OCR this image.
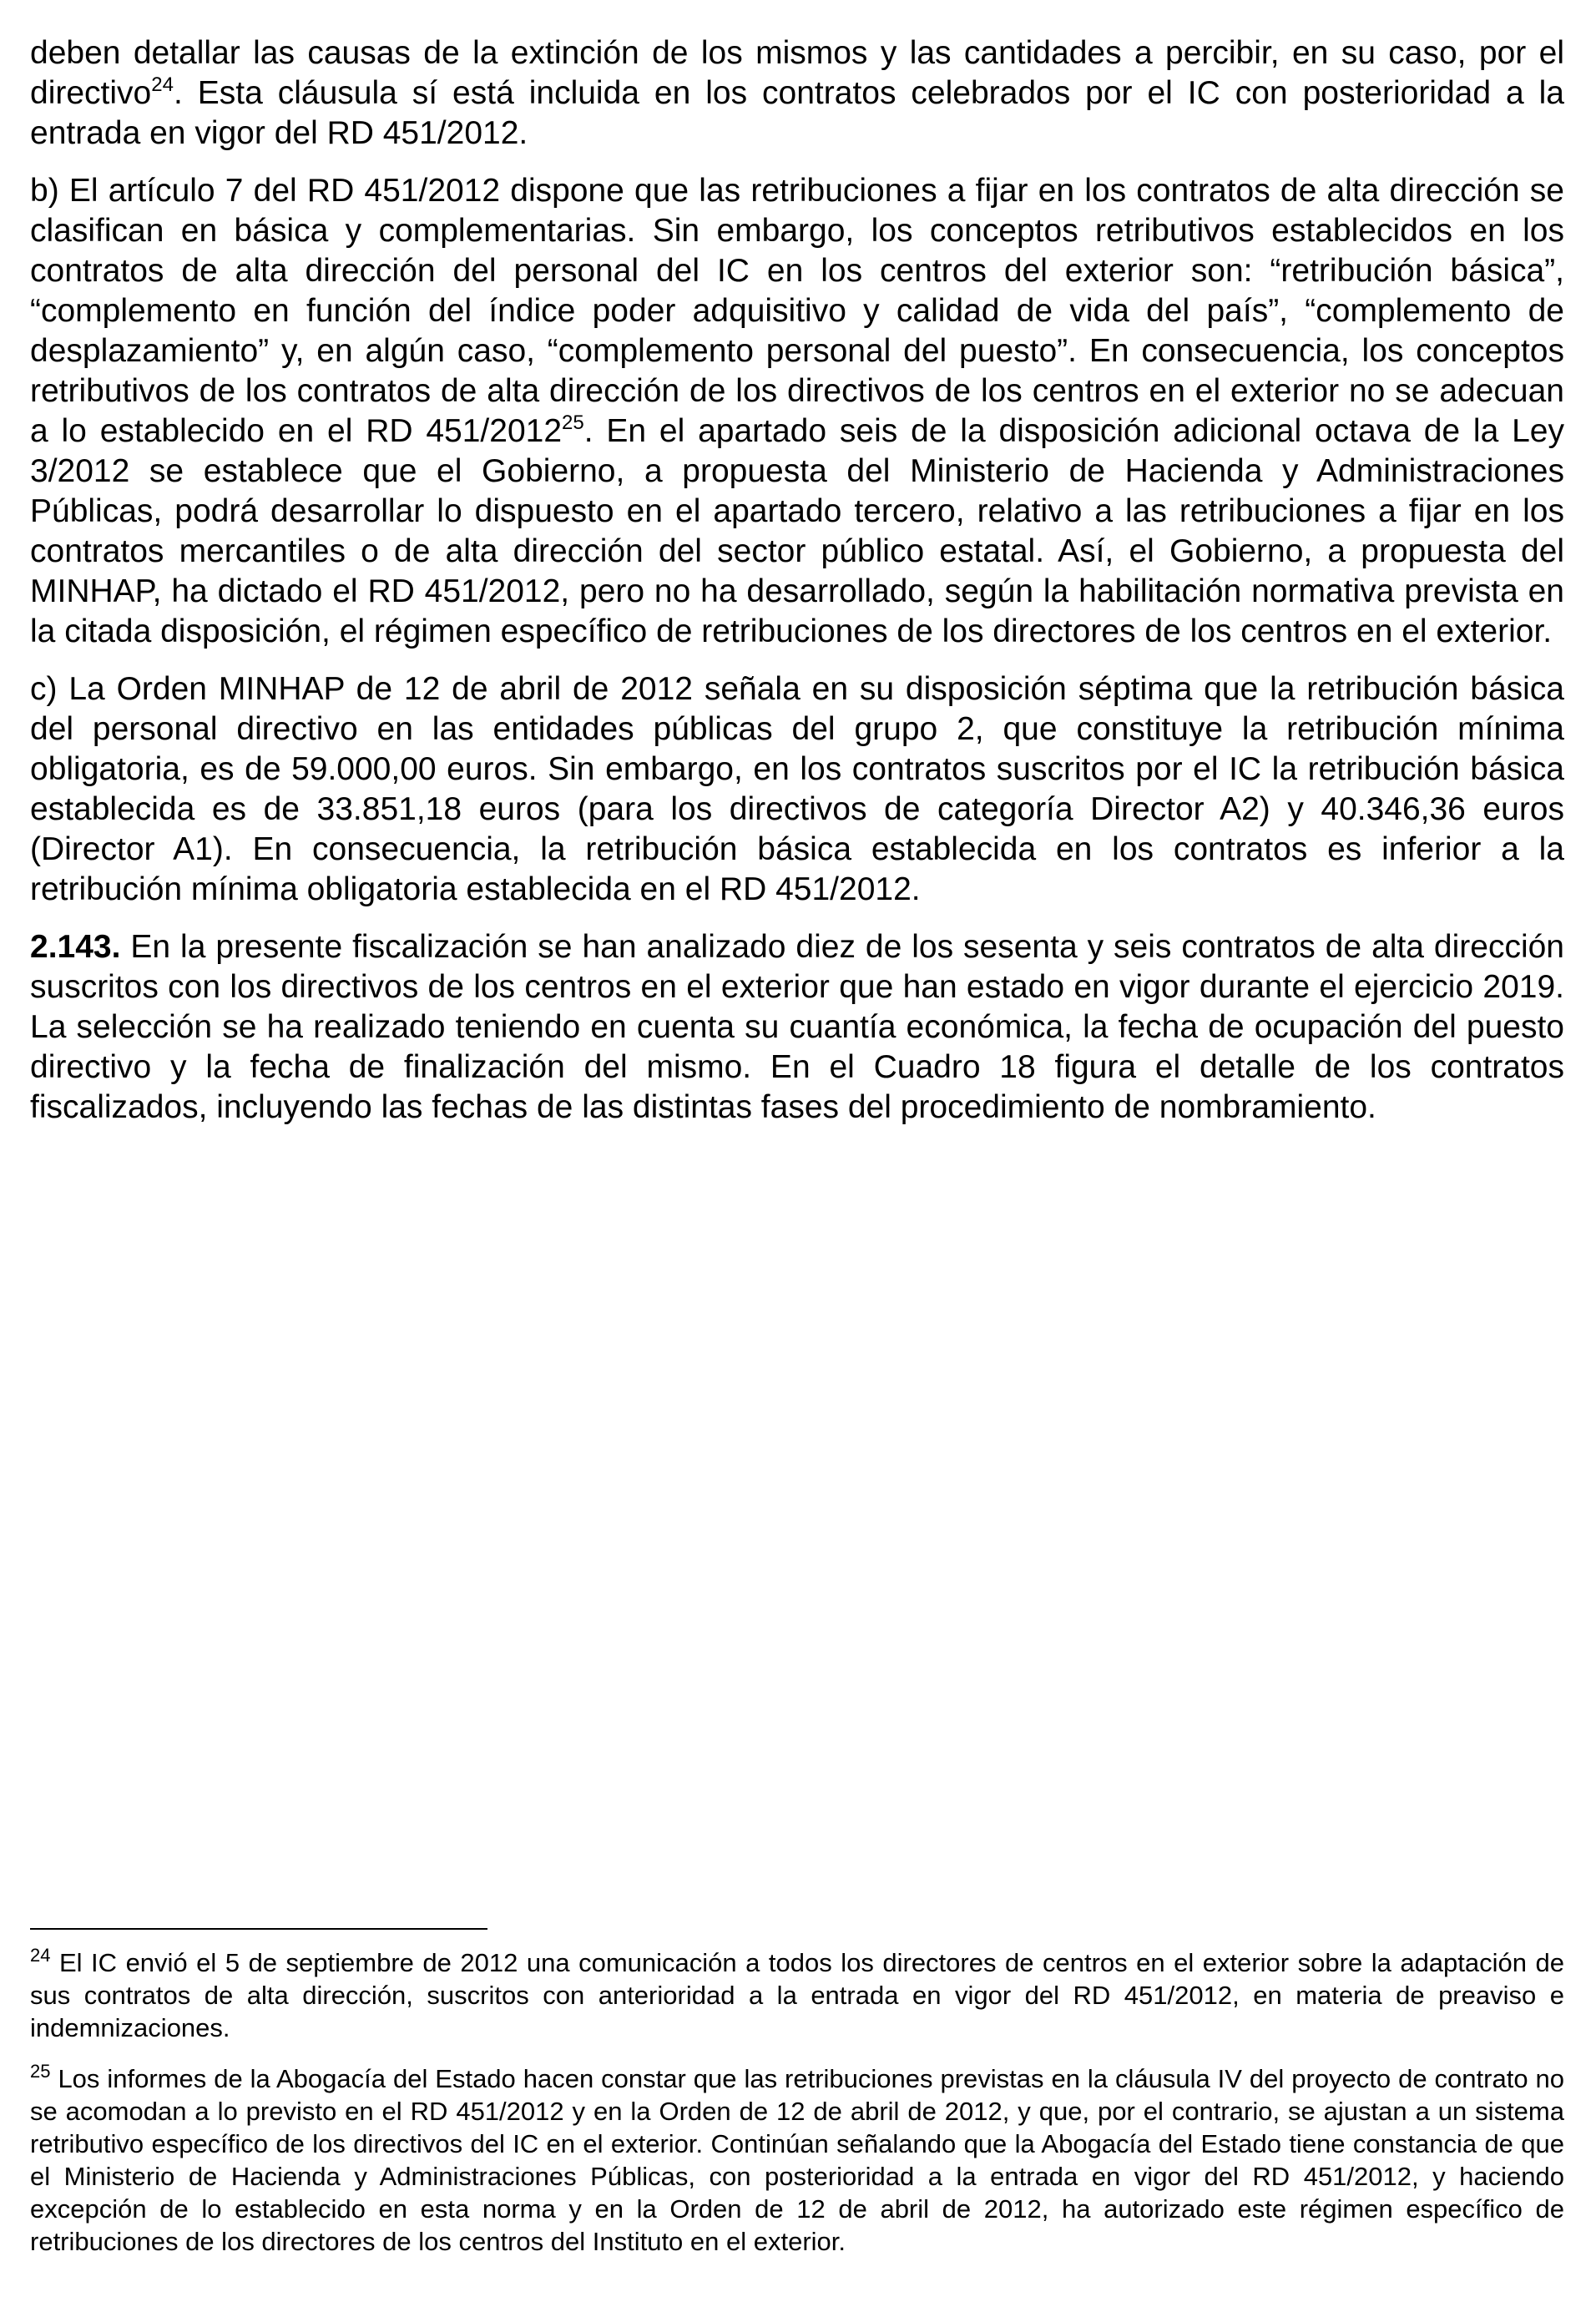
deben detallar las causas de la extinción de los mismos y las cantidades a percibir, en su caso, por el directivo$^{24}$. Esta cláusula sí está incluida en los contratos celebrados por el IC con posterioridad a la entrada en vigor del RD 451/2012.

b) El artículo 7 del RD 451/2012 dispone que las retribuciones a fijar en los contratos de alta dirección se clasifican en básica y complementarias. Sin embargo, los conceptos retributivos establecidos en los contratos de alta dirección del personal del IC en los centros del exterior son: “retribución básica”, “complemento en función del índice poder adquisitivo y calidad de vida del país”, “complemento de desplazamiento” y, en algún caso, “complemento personal del puesto”. En consecuencia, los conceptos retributivos de los contratos de alta dirección de los directivos de los centros en el exterior no se adecuan a lo establecido en el RD 451/2012$^{25}$. En el apartado seis de la disposición adicional octava de la Ley 3/2012 se establece que el Gobierno, a propuesta del Ministerio de Hacienda y Administraciones Públicas, podrá desarrollar lo dispuesto en el apartado tercero, relativo a las retribuciones a fijar en los contratos mercantiles o de alta dirección del sector público estatal. Así, el Gobierno, a propuesta del MINHAP, ha dictado el RD 451/2012, pero no ha desarrollado, según la habilitación normativa prevista en la citada disposición, el régimen específico de retribuciones de los directores de los centros en el exterior.

c) La Orden MINHAP de 12 de abril de 2012 señala en su disposición séptima que la retribución básica del personal directivo en las entidades públicas del grupo 2, que constituye la retribución mínima obligatoria, es de 59.000,00 euros. Sin embargo, en los contratos suscritos por el IC la retribución básica establecida es de 33.851,18 euros (para los directivos de categoría Director A2) y 40.346,36 euros (Director A1). En consecuencia, la retribución básica establecida en los contratos es inferior a la retribución mínima obligatoria establecida en el RD 451/2012.

2.143. En la presente fiscalización se han analizado diez de los sesenta y seis contratos de alta dirección suscritos con los directivos de los centros en el exterior que han estado en vigor durante el ejercicio 2019. La selección se ha realizado teniendo en cuenta su cuantía económica, la fecha de ocupación del puesto directivo y la fecha de finalización del mismo. En el Cuadro 18 figura el detalle de los contratos fiscalizados, incluyendo las fechas de las distintas fases del procedimiento de nombramiento.

$^{24}$ El IC envió el 5 de septiembre de 2012 una comunicación a todos los directores de centros en el exterior sobre la adaptación de sus contratos de alta dirección, suscritos con anterioridad a la entrada en vigor del RD 451/2012, en materia de preaviso e indemnizaciones.

$^{25}$ Los informes de la Abogacía del Estado hacen constar que las retribuciones previstas en la cláusula IV del proyecto de contrato no se acomodan a lo previsto en el RD 451/2012 y en la Orden de 12 de abril de 2012, y que, por el contrario, se ajustan a un sistema retributivo específico de los directivos del IC en el exterior. Continúan señalando que la Abogacía del Estado tiene constancia de que el Ministerio de Hacienda y Administraciones Públicas, con posterioridad a la entrada en vigor del RD 451/2012, y haciendo excepción de lo establecido en esta norma y en la Orden de 12 de abril de 2012, ha autorizado este régimen específico de retribuciones de los directores de los centros del Instituto en el exterior.
